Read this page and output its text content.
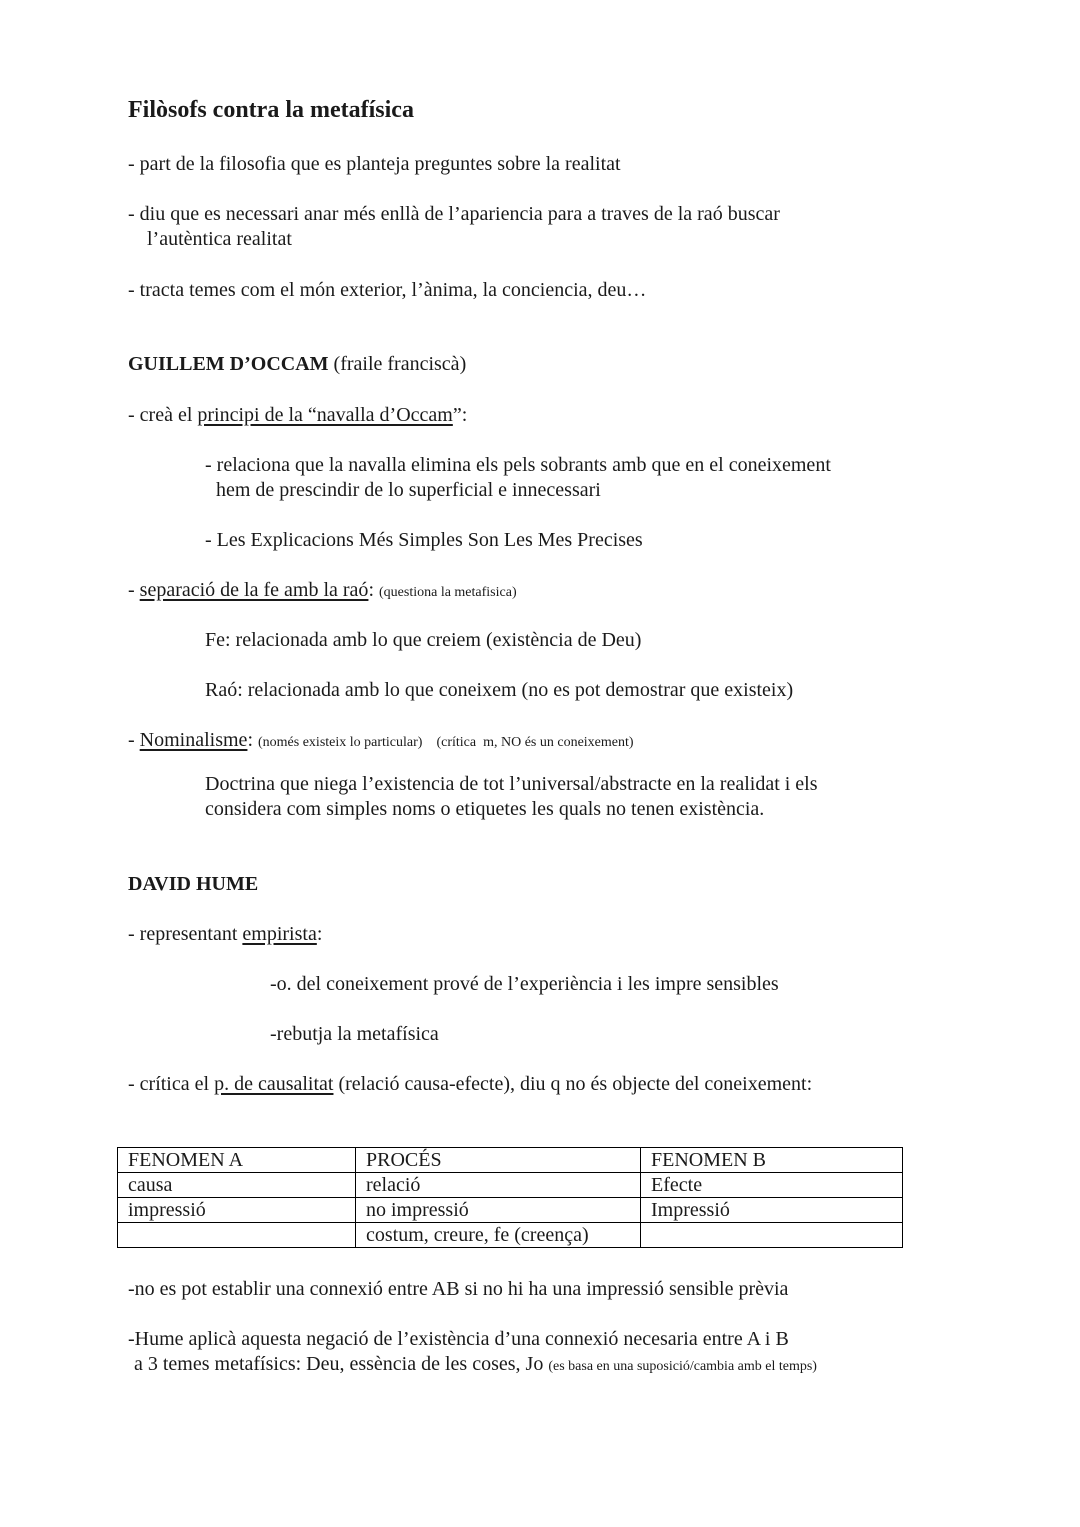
Filòsofs contra la metafísica
- part de la filosofia que es planteja preguntes sobre la realitat
- diu que es necessari anar més enllà de l’apariencia para a traves de la raó buscar
l’autèntica realitat
- tracta temes com el món exterior, l’ànima, la conciencia, deu…
GUILLEM D’OCCAM (fraile franciscà)
- creà el principi de la “navalla d’Occam”:
- relaciona que la navalla elimina els pels sobrants amb que en el coneixement
hem de prescindir de lo superficial e innecessari
- Les Explicacions Més Simples Son Les Mes Precises
- separació de la fe amb la raó: (questiona la metafisica)
Fe: relacionada amb lo que creiem (existència de Deu)
Raó: relacionada amb lo que coneixem (no es pot demostrar que existeix)
- Nominalisme: (només existeix lo particular)    (crítica  m, NO és un coneixement)
Doctrina que niega l’existencia de tot l’universal/abstracte en la realidat i els
considera com simples noms o etiquetes les quals no tenen existència.
DAVID HUME
- representant empirista:
-o. del coneixement prové de l’experiència i les impre sensibles
-rebutja la metafísica
- crítica el p. de causalitat (relació causa-efecte), diu q no és objecte del coneixement:
FENOMEN A	PROCÉS	FENOMEN B
causa	relació	Efecte
impressió	no impressió	Impressió
	costum, creure, fe (creença)	
-no es pot establir una connexió entre AB si no hi ha una impressió sensible prèvia
-Hume aplicà aquesta negació de l’existència d’una connexió necesaria entre A i B
a 3 temes metafísics: Deu, essència de les coses, Jo (es basa en una suposició/cambia amb el temps)
